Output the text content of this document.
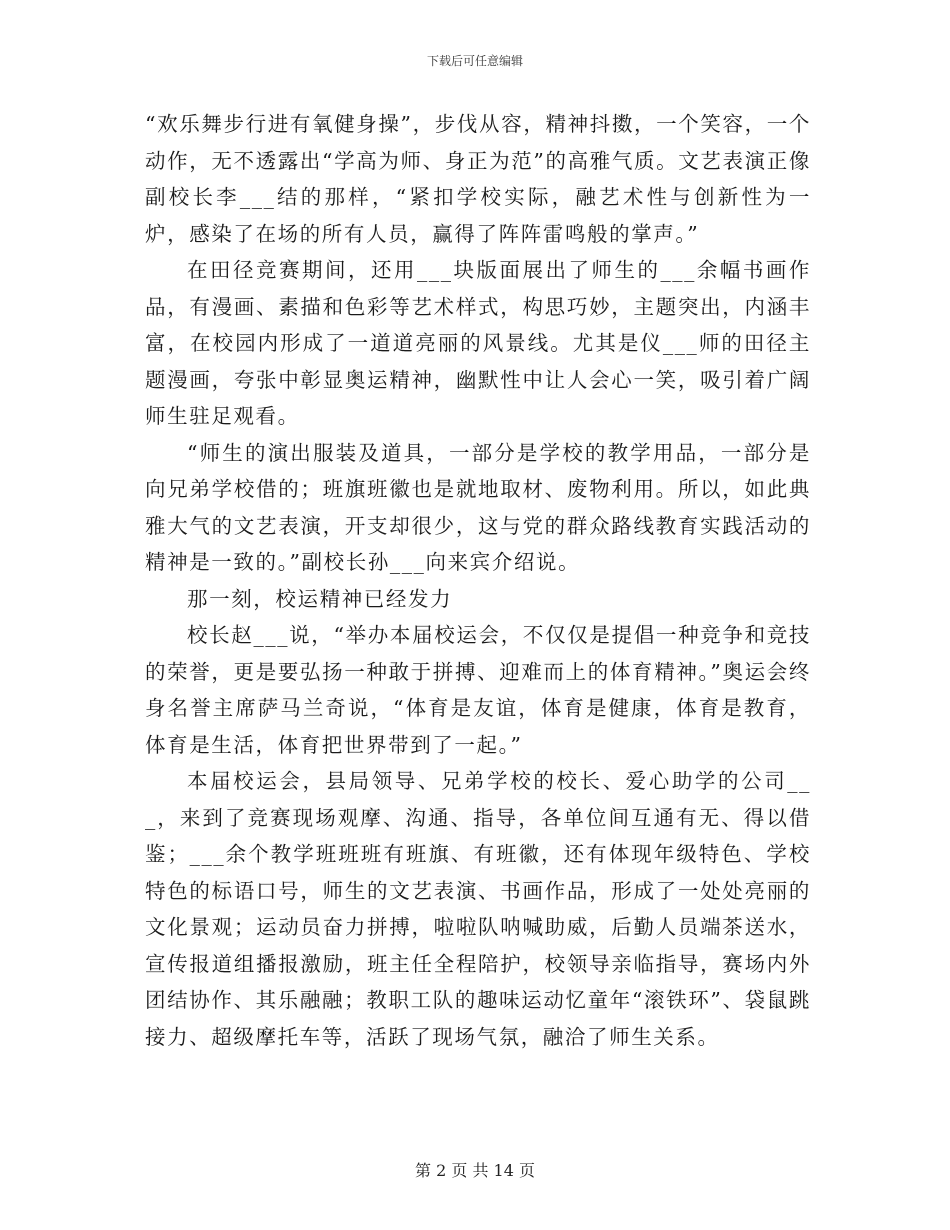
下载后可任意编辑

“欢乐舞步行进有氧健身操”，步伐从容，精神抖擞，一个笑容，一个动作，无不透露出“学高为师、身正为范”的高雅气质。文艺表演正像副校长李___结的那样，“紧扣学校实际，融艺术性与创新性为一炉，感染了在场的所有人员，赢得了阵阵雷鸣般的掌声。”

在田径竞赛期间，还用___块版面展出了师生的___余幅书画作品，有漫画、素描和色彩等艺术样式，构思巧妙，主题突出，内涵丰富，在校园内形成了一道道亮丽的风景线。尤其是仪___师的田径主题漫画，夸张中彰显奥运精神，幽默性中让人会心一笑，吸引着广阔师生驻足观看。

“师生的演出服装及道具，一部分是学校的教学用品，一部分是向兄弟学校借的；班旗班徽也是就地取材、废物利用。所以，如此典雅大气的文艺表演，开支却很少，这与党的群众路线教育实践活动的精神是一致的。”副校长孙___向来宾介绍说。

那一刻，校运精神已经发力

校长赵___说，“举办本届校运会，不仅仅是提倡一种竞争和竞技的荣誉，更是要弘扬一种敢于拼搏、迎难而上的体育精神。”奥运会终身名誉主席萨马兰奇说，“体育是友谊，体育是健康，体育是教育，体育是生活，体育把世界带到了一起。”

本届校运会，县局领导、兄弟学校的校长、爱心助学的公司___，来到了竞赛现场观摩、沟通、指导，各单位间互通有无、得以借鉴；___余个教学班班班有班旗、有班徽，还有体现年级特色、学校特色的标语口号，师生的文艺表演、书画作品，形成了一处处亮丽的文化景观；运动员奋力拼搏，啦啦队呐喊助威，后勤人员端茶送水，宣传报道组播报激励，班主任全程陪护，校领导亲临指导，赛场内外团结协作、其乐融融；教职工队的趣味运动忆童年“滚铁环”、袋鼠跳接力、超级摩托车等，活跃了现场气氛，融洽了师生关系。

第 2 页 共 14 页
